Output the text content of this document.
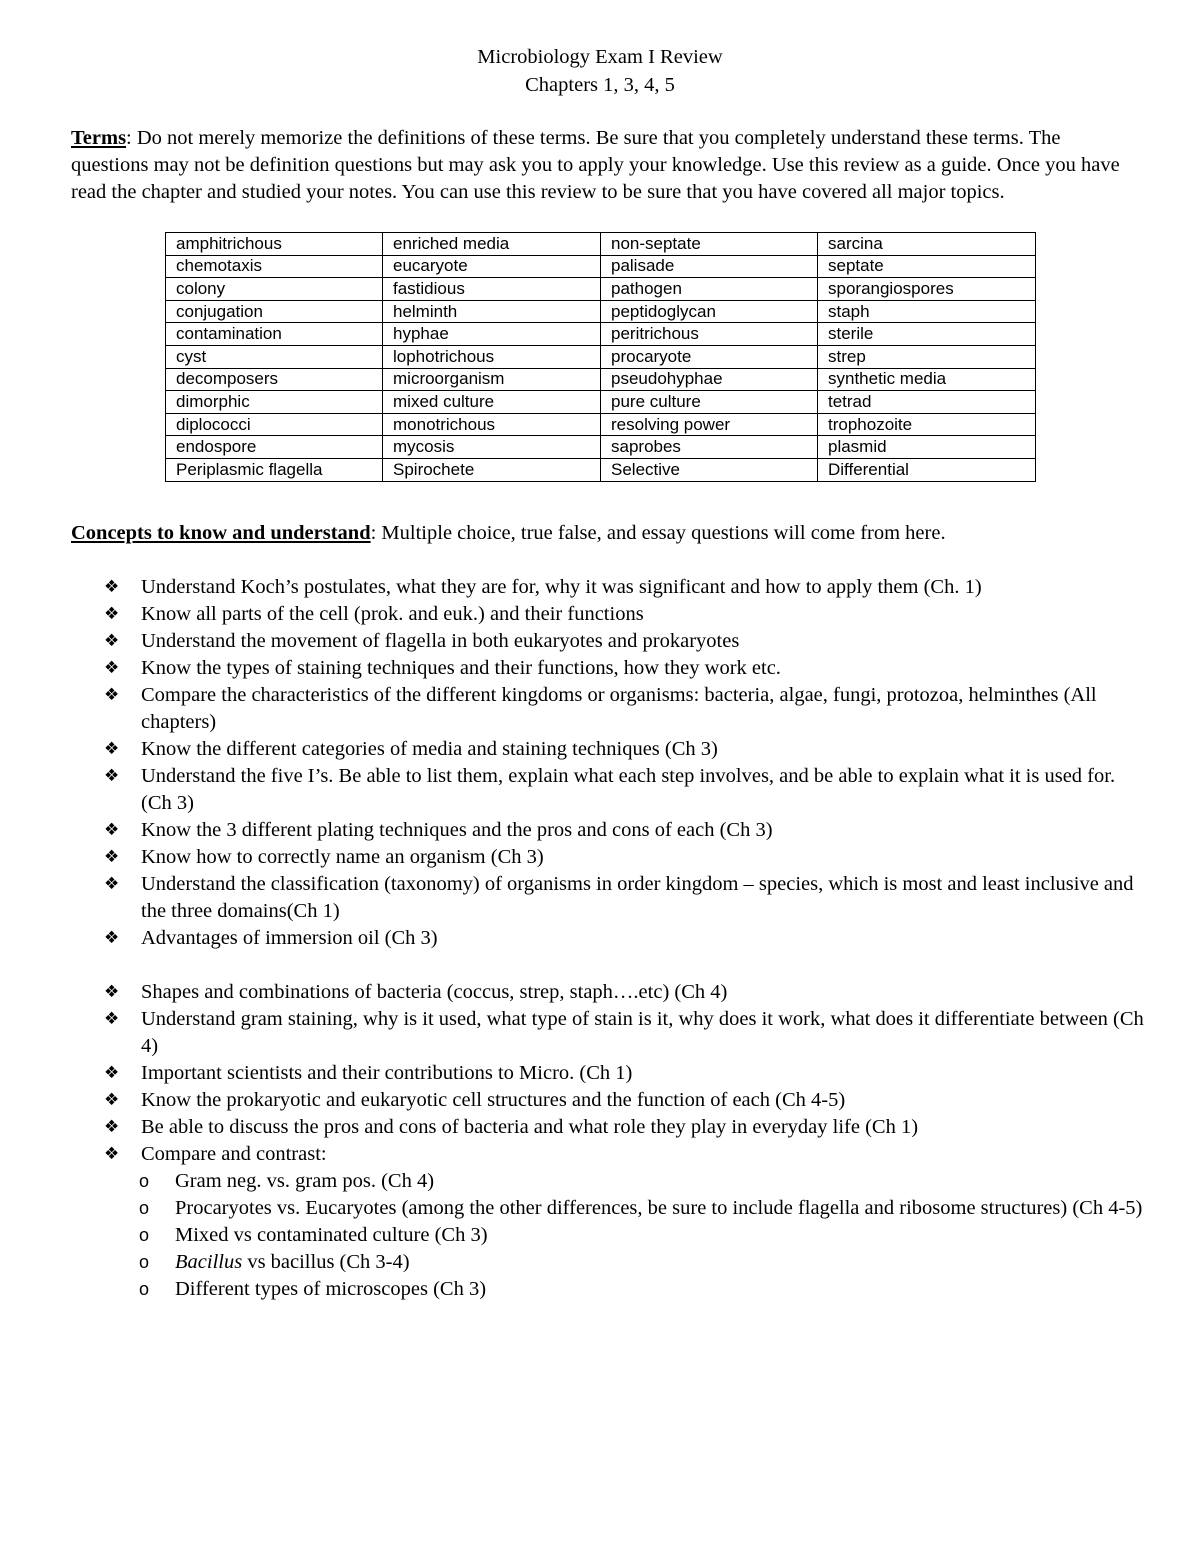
Microbiology Exam I Review
Chapters 1, 3, 4, 5
Terms: Do not merely memorize the definitions of these terms. Be sure that you completely understand these terms. The questions may not be definition questions but may ask you to apply your knowledge. Use this review as a guide. Once you have read the chapter and studied your notes. You can use this review to be sure that you have covered all major topics.
amphitrichous	enriched media	non-septate	sarcina
chemotaxis	eucaryote	palisade	septate
colony	fastidious	pathogen	sporangiospores
conjugation	helminth	peptidoglycan	staph
contamination	hyphae	peritrichous	sterile
cyst	lophotrichous	procaryote	strep
decomposers	microorganism	pseudohyphae	synthetic media
dimorphic	mixed culture	pure culture	tetrad
diplococci	monotrichous	resolving power	trophozoite
endospore	mycosis	saprobes	plasmid
Periplasmic flagella	Spirochete	Selective	Differential
Concepts to know and understand: Multiple choice, true false, and essay questions will come from here.
❖	Understand Koch’s postulates, what they are for, why it was significant and how to apply them (Ch. 1)
❖	Know all parts of the cell (prok. and euk.) and their functions
❖	Understand the movement of flagella in both eukaryotes and prokaryotes
❖	Know the types of staining techniques and their functions, how they work etc.
❖	Compare the characteristics of the different kingdoms or organisms: bacteria, algae, fungi, protozoa, helminthes (All chapters)
❖	Know the different categories of media and staining techniques (Ch 3)
❖	Understand the five I’s. Be able to list them, explain what each step involves, and be able to explain what it is used for. (Ch 3)
❖	Know the 3 different plating techniques and the pros and cons of each (Ch 3)
❖	Know how to correctly name an organism (Ch 3)
❖	Understand the classification (taxonomy) of organisms in order kingdom – species, which is most and least inclusive and the three domains(Ch 1)
❖	Advantages of immersion oil (Ch 3)
❖	Shapes and combinations of bacteria (coccus, strep, staph….etc) (Ch 4)
❖	Understand gram staining, why is it used, what type of stain is it, why does it work, what does it differentiate between (Ch 4)
❖	Important scientists and their contributions to Micro. (Ch 1)
❖	Know the prokaryotic and eukaryotic cell structures and the function of each (Ch 4-5)
❖	Be able to discuss the pros and cons of bacteria and what role they play in everyday life (Ch 1)
❖	Compare and contrast:
o Gram neg. vs. gram pos. (Ch 4)
o Procaryotes vs. Eucaryotes (among the other differences, be sure to include flagella and ribosome structures) (Ch 4-5)
o Mixed vs contaminated culture (Ch 3)
o Bacillus vs bacillus (Ch 3-4)
o Different types of microscopes (Ch 3)
